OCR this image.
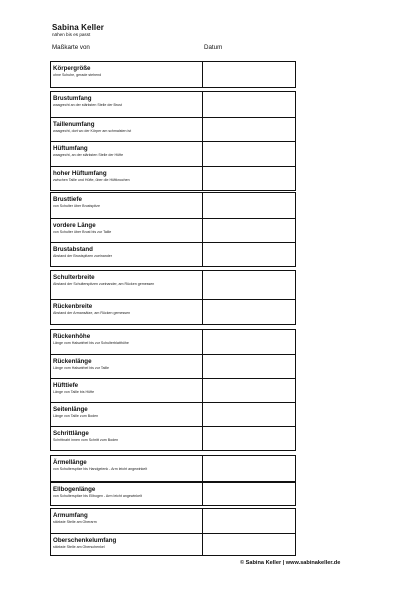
Sabina Keller
nähen bis es passt
Maßkarte von	Datum
Körpergröße
ohne Schuhe, gerade stehend
Brustumfang
waagrecht an der stärksten Stelle der Brust
Taillenumfang
waagrecht, dort wo der Körper am schmalsten ist
Hüftumfang
waagrecht, an der stärksten Stelle der Hüfte
hoher Hüftumfang
zwischen Taille und Hüfte, über die Hüftknochen
Brusttiefe
von Schulter über Brustspitze
vordere Länge
von Schulter über Brust bis zur Taille
Brustabstand
Abstand der Brustspitzen zueinander
Schulterbreite
Abstand der Schulterspitzen zueinander, am Rücken gemessen
Rückenbreite
Abstand der Armansätze, am Rücken gemessen
Rückenhöhe
Länge vom Halswirbel bis zur Schulterblatthöhe
Rückenlänge
Länge vom Halswirbel bis zur Taille
Hüfttiefe
Länge von Taille bis Hüfte
Seitenlänge
Länge von Taille zum Boden
Schrittlänge
Schrittnaht innen vom Schritt zum Boden
Ärmellänge
von Schulterspitze bis Handgelenk - Arm leicht angewinkelt
Ellbogenlänge
von Schulterspitze bis Ellbogen - Arm leicht angewinkelt
Armumfang
stärkste Stelle am Oberarm
Oberschenkelumfang
stärkste Stelle am Oberschenkel
© Sabina Keller | www.sabinakeller.de
